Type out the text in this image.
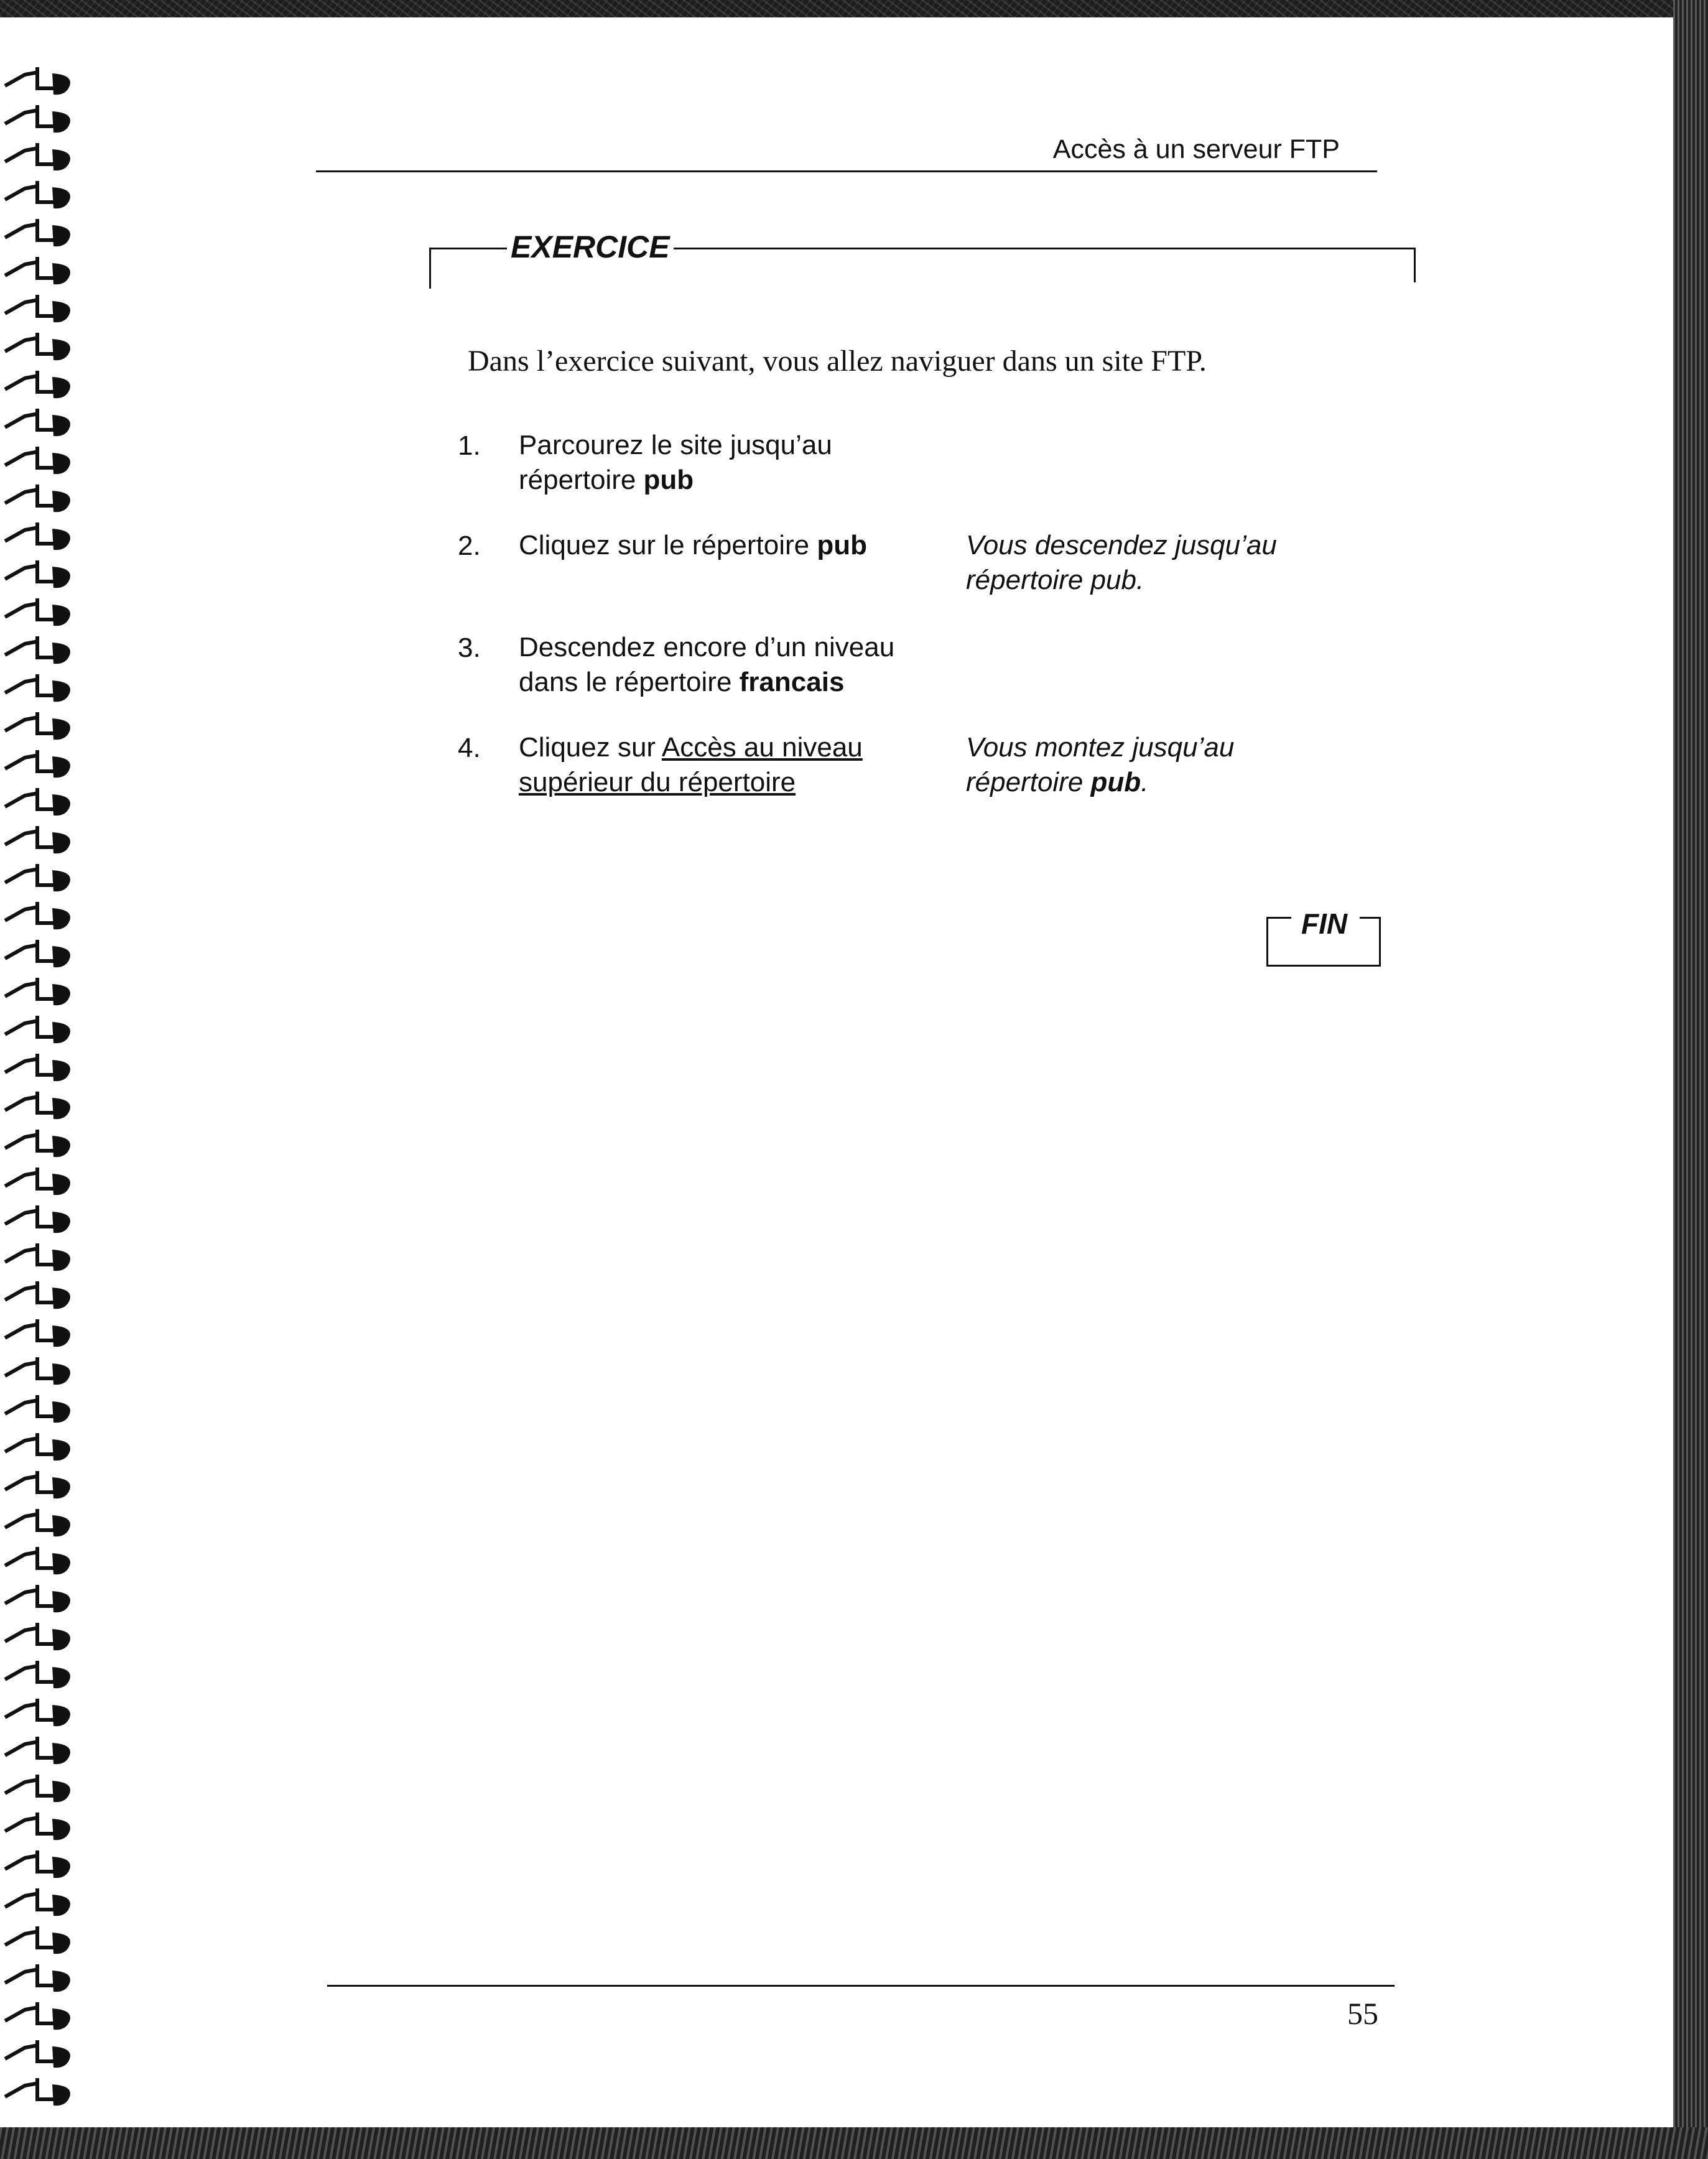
Accès à un serveur FTP
EXERCICE
Dans l’exercice suivant, vous allez naviguer dans un site FTP.
1. Parcourez le site jusqu’au
répertoire pub
2. Cliquez sur le répertoire pub	Vous descendez jusqu’au
répertoire pub.
3. Descendez encore d’un niveau
dans le répertoire francais
4. Cliquez sur Accès au niveau
supérieur du répertoire
Vous montez jusqu’au
répertoire pub.
FIN
55
